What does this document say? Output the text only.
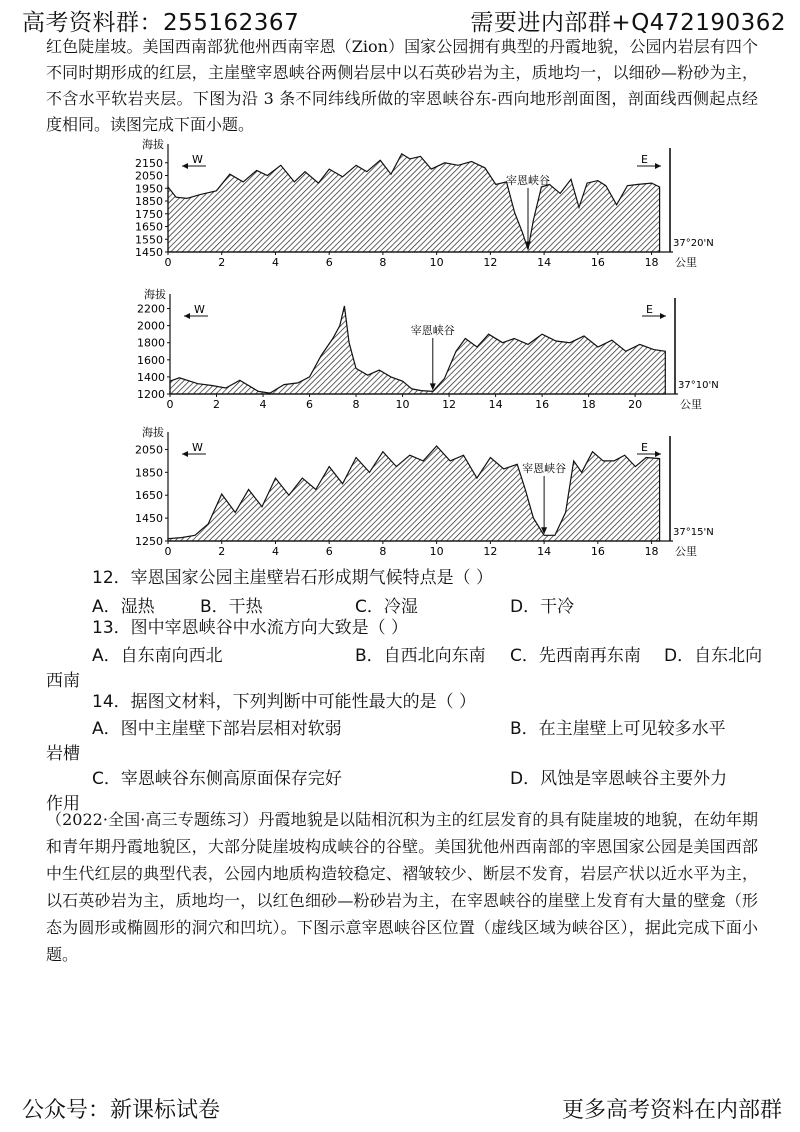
高考资料群：255162367	需要进内部群+Q472190362
红色陡崖坡。美国西南部犹他州西南宰恩（Zion）国家公园拥有典型的丹霞地貌，公园内岩层有四个不同时期形成的红层，主崖壁宰恩峡谷两侧岩层中以石英砂岩为主，质地均一，以细砂—粉砂为主，不含水平软岩夹层。下图为沿 3 条不同纬线所做的宰恩峡谷东-西向地形剖面图，剖面线西侧起点经度相同。读图完成下面小题。
2150
2050
1950
1850
1750
1650
1550
1450
0	2	4	6	8	10	12	14	16	18
海拔
公里
37°20'N
W	E
宰恩峡谷
2200
2000
1800
1600
1400
1200
0	2	4	6	8	10	12	14	16	18	20
海拔
公里
37°10'N
W	E
宰恩峡谷
2050
1850
1650
1450
1250
0	2	4	6	8	10	12	14	16	18
海拔
公里
37°15'N
W	E
宰恩峡谷
12．宰恩国家公园主崖壁岩石形成期气候特点是（ ）
A．湿热	B．干热	C．冷湿	D．干冷
13．图中宰恩峡谷中水流方向大致是（ ）
A．自东南向西北	B．自西北向东南 C．先西南再东南 D．自东北向
14．据图文材料，下列判断中可能性最大的是（ ）
A．图中主崖壁下部岩层相对软弱	B．在主崖壁上可见较多水平
C．宰恩峡谷东侧高原面保存完好	D．风蚀是宰恩峡谷主要外力
（2022·全国·高三专题练习）丹霞地貌是以陆相沉积为主的红层发育的具有陡崖坡的地貌，在幼年期和青年期丹霞地貌区，大部分陡崖坡构成峡谷的谷壁。美国犹他州西南部的宰恩国家公园是美国西部中生代红层的典型代表，公园内地质构造较稳定、褶皱较少、断层不发育，岩层产状以近水平为主，以石英砂岩为主，质地均一，以红色细砂—粉砂岩为主，在宰恩峡谷的崖壁上发育有大量的壁龛（形态为圆形或椭圆形的洞穴和凹坑）。下图示意宰恩峡谷区位置（虚线区域为峡谷区），据此完成下面小题。
公众号：新课标试卷	更多高考资料在内部群
西南
岩槽
作用
